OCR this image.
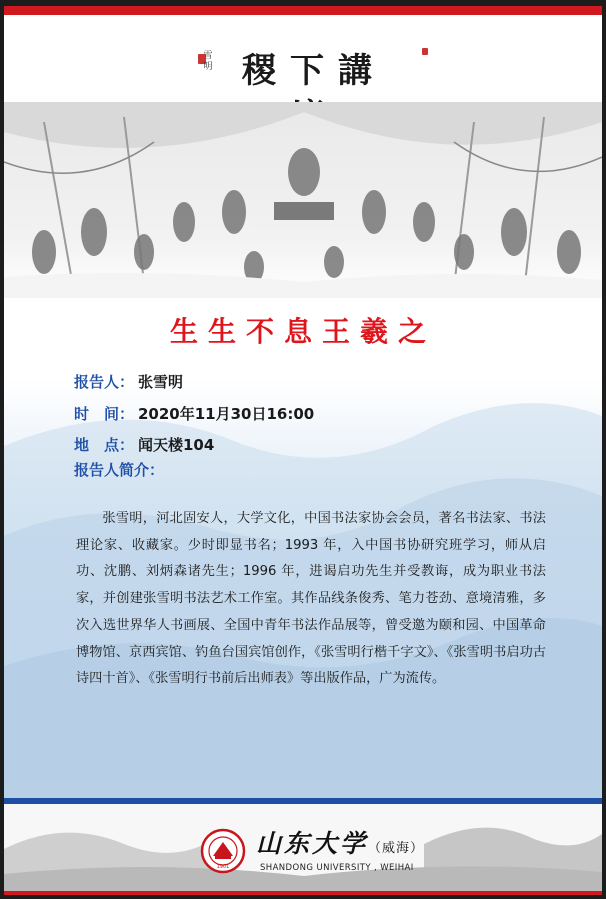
稷下講
雪明
生生不息王羲之
报告人： 张雪明
时　间： 2020年11月30日16:00
地　点： 闻天楼104
报告人简介：

张雪明，河北固安人，大学文化，中国书法家协会会员，著名书法家、书法理论家、收藏家。少时即显书名；1993 年，入中国书协研究班学习，师从启功、沈鹏、刘炳森诸先生；1996 年，进谒启功先生并受教诲，成为职业书法家，并创建张雪明书法艺术工作室。其作品线条俊秀、笔力苍劲、意境清雅，多次入选世界华人书画展、全国中青年书法作品展等，曾受邀为颐和园、中国革命博物馆、京西宾馆、钓鱼台国宾馆创作，《张雪明行楷千字文》、《张雪明书启功古诗四十首》、《张雪明行书前后出师表》等出版作品，广为流传。

1901
山东大学（威海）
SHANDONG UNIVERSITY , WEIHAI
